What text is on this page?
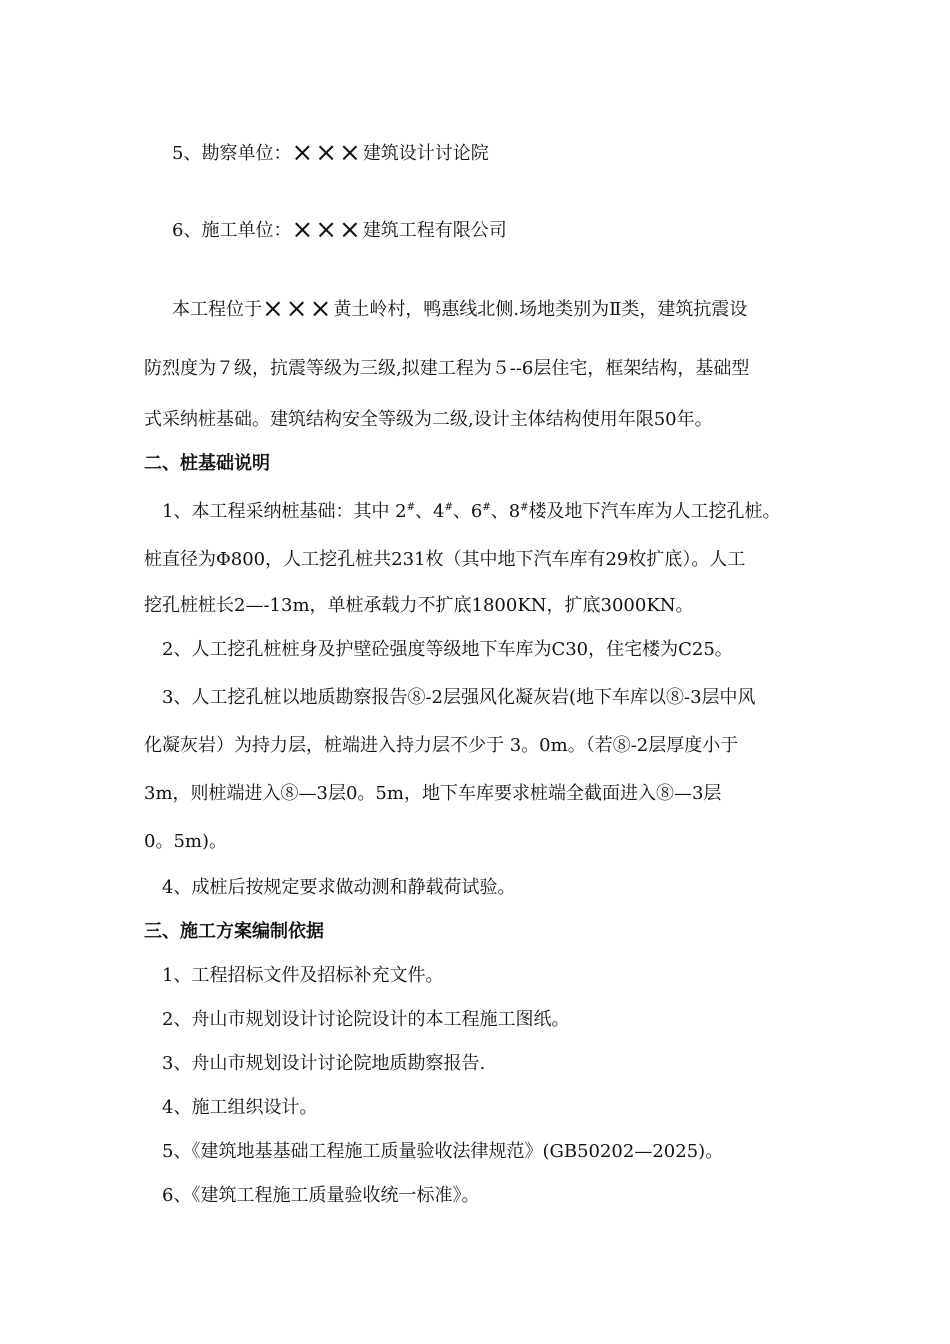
5、勘察单位：×××建筑设计讨论院
6、施工单位：×××建筑工程有限公司
本工程位于×××黄土岭村，鸭惠线北侧.场地类别为Ⅱ类，建筑抗震设
防烈度为７级，抗震等级为三级,拟建工程为５--6层住宅，框架结构，基础型
式采纳桩基础。建筑结构安全等级为二级,设计主体结构使用年限50年。
二、桩基础说明
1、本工程采纳桩基础：其中 2#、4#、6#、8#楼及地下汽车库为人工挖孔桩。
桩直径为Φ800，人工挖孔桩共231枚（其中地下汽车库有29枚扩底）。人工
挖孔桩桩长2—-13m，单桩承载力不扩底1800KN，扩底3000KN。
2、人工挖孔桩桩身及护壁砼强度等级地下车库为C30，住宅楼为C25。
3、人工挖孔桩以地质勘察报告⑧-2层强风化凝灰岩(地下车库以⑧-3层中风
化凝灰岩）为持力层，桩端进入持力层不少于 3。0m。（若⑧-2层厚度小于
3m，则桩端进入⑧—3层0。5m，地下车库要求桩端全截面进入⑧—3层
0。5m)。
4、成桩后按规定要求做动测和静载荷试验。
三、施工方案编制依据
1、工程招标文件及招标补充文件。
2、舟山市规划设计讨论院设计的本工程施工图纸。
3、舟山市规划设计讨论院地质勘察报告.
4、施工组织设计。
5、《建筑地基基础工程施工质量验收法律规范》(GB50202—2025)。
6、《建筑工程施工质量验收统一标准》。
